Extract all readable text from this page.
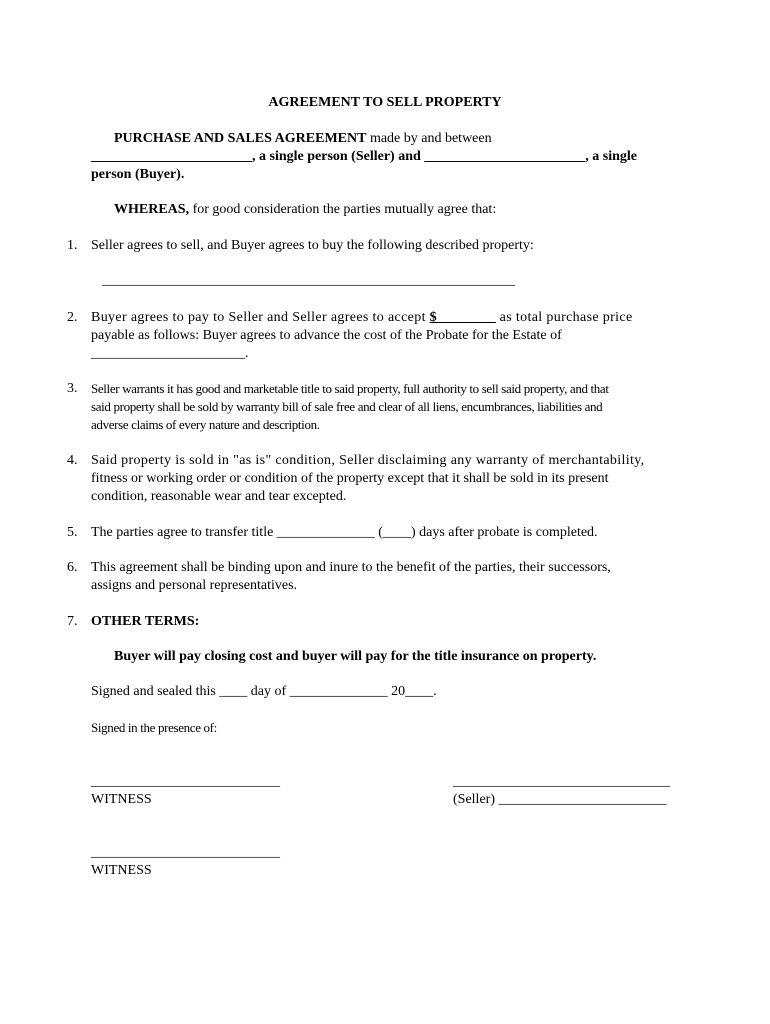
AGREEMENT TO SELL PROPERTY
PURCHASE AND SALES AGREEMENT made by and between
_______________________, a single person (Seller) and _______________________, a single
person (Buyer).
WHEREAS, for good consideration the parties mutually agree that:
1. Seller agrees to sell, and Buyer agrees to buy the following described property:
___________________________________________________________
2. Buyer agrees to pay to Seller and Seller agrees to accept $________ as total purchase price
payable as follows: Buyer agrees to advance the cost of the Probate for the Estate of
______________________.
3. Seller warrants it has good and marketable title to said property, full authority to sell said property, and that
said property shall be sold by warranty bill of sale free and clear of all liens, encumbrances, liabilities and
adverse claims of every nature and description.
4. Said property is sold in "as is" condition, Seller disclaiming any warranty of merchantability,
fitness or working order or condition of the property except that it shall be sold in its present
condition, reasonable wear and tear excepted.
5. The parties agree to transfer title ______________ (____) days after probate is completed.
6. This agreement shall be binding upon and inure to the benefit of the parties, their successors,
assigns and personal representatives.
7. OTHER TERMS:
Buyer will pay closing cost and buyer will pay for the title insurance on property.
Signed and sealed this ____ day of ______________ 20____.
Signed in the presence of:
___________________________
WITNESS
_______________________________
(Seller) ________________________
___________________________
WITNESS
